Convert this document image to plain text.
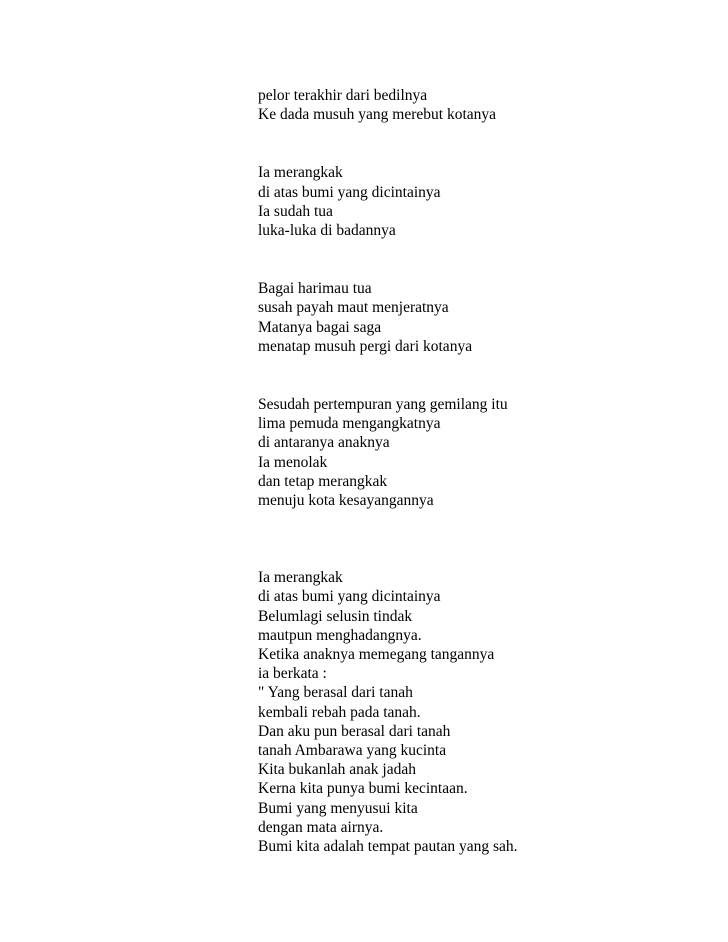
pelor terakhir dari bedilnya
Ke dada musuh yang merebut kotanya
Ia merangkak
di atas bumi yang dicintainya
Ia sudah tua
luka-luka di badannya
Bagai harimau tua
susah payah maut menjeratnya
Matanya bagai saga
menatap musuh pergi dari kotanya
Sesudah pertempuran yang gemilang itu
lima pemuda mengangkatnya
di antaranya anaknya
Ia menolak
dan tetap merangkak
menuju kota kesayangannya
Ia merangkak
di atas bumi yang dicintainya
Belumlagi selusin tindak
mautpun menghadangnya.
Ketika anaknya memegang tangannya
ia berkata :
" Yang berasal dari tanah
kembali rebah pada tanah.
Dan aku pun berasal dari tanah
tanah Ambarawa yang kucinta
Kita bukanlah anak jadah
Kerna kita punya bumi kecintaan.
Bumi yang menyusui kita
dengan mata airnya.
Bumi kita adalah tempat pautan yang sah.
